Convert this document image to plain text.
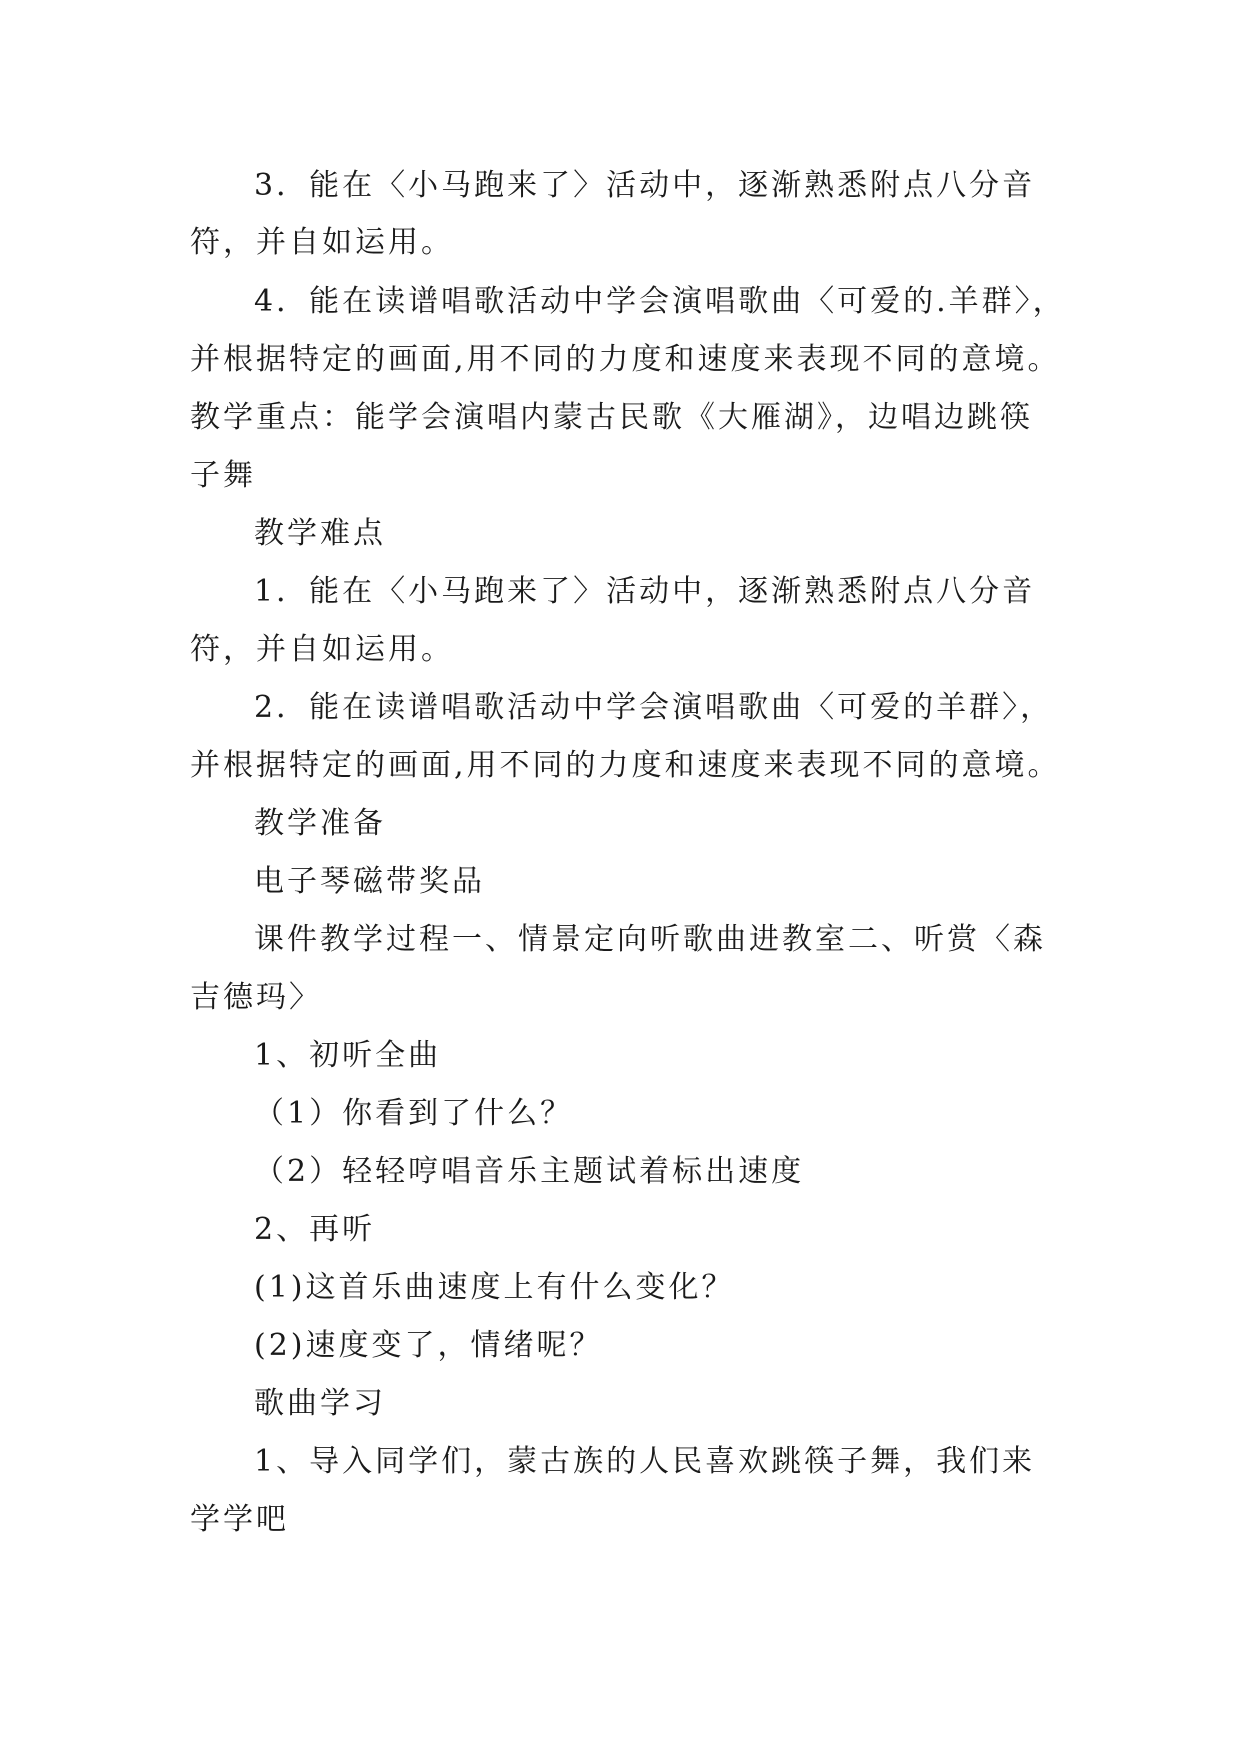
3．能在〈小马跑来了〉活动中，逐渐熟悉附点八分音
符，并自如运用。
4．能在读谱唱歌活动中学会演唱歌曲〈可爱的.羊群〉，
并根据特定的画面,用不同的力度和速度来表现不同的意境。
教学重点：能学会演唱内蒙古民歌《大雁湖》，边唱边跳筷
子舞
教学难点
1．能在〈小马跑来了〉活动中，逐渐熟悉附点八分音
符，并自如运用。
2．能在读谱唱歌活动中学会演唱歌曲〈可爱的羊群〉，
并根据特定的画面,用不同的力度和速度来表现不同的意境。
教学准备
电子琴磁带奖品
课件教学过程一、情景定向听歌曲进教室二、听赏〈森
吉德玛〉
1、初听全曲
（1）你看到了什么？
（2）轻轻哼唱音乐主题试着标出速度
2、再听
(1)这首乐曲速度上有什么变化？
(2)速度变了，情绪呢？
歌曲学习
1、导入同学们，蒙古族的人民喜欢跳筷子舞，我们来
学学吧
